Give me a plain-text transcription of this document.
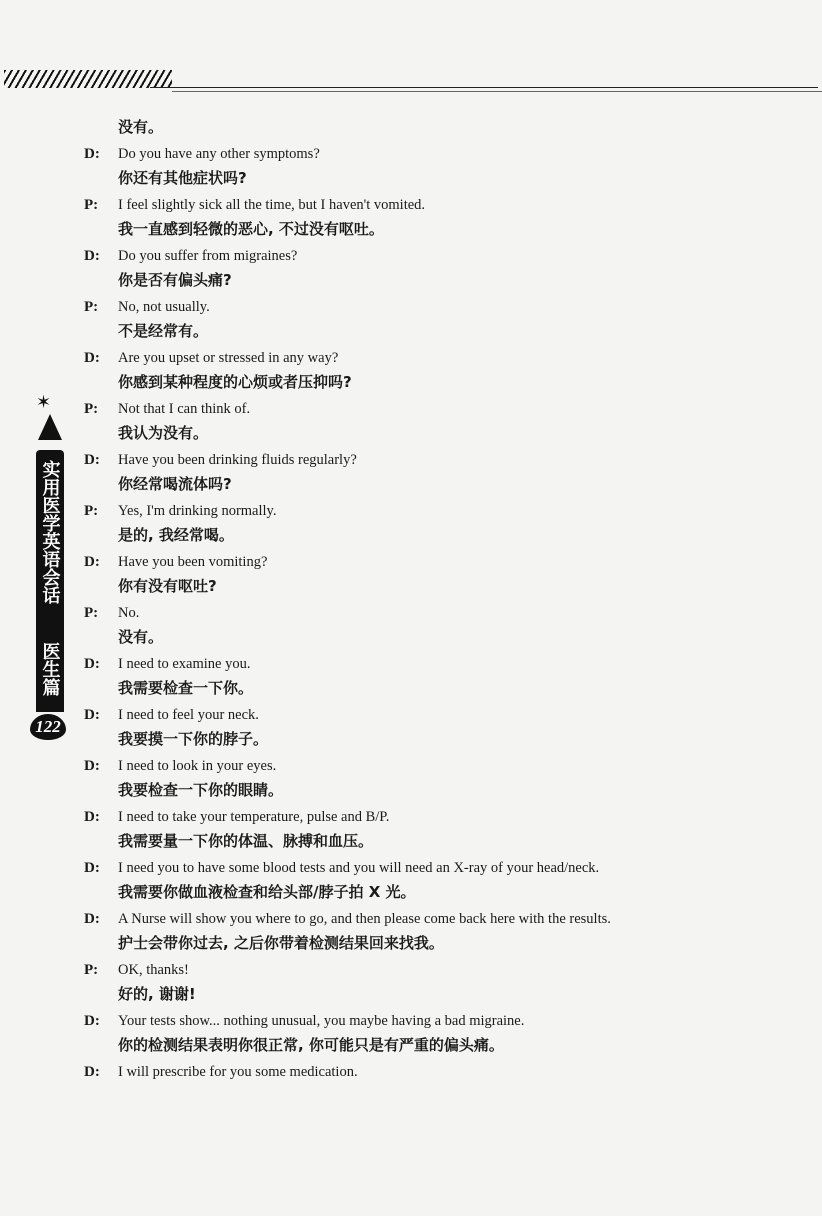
✶
实用医学英语会话
医生篇
122
没有。
D:	Do you have any other symptoms?
你还有其他症状吗?
P:	I feel slightly sick all the time, but I haven't vomited.
我一直感到轻微的恶心, 不过没有呕吐。
D:	Do you suffer from migraines?
你是否有偏头痛?
P:	No, not usually.
不是经常有。
D:	Are you upset or stressed in any way?
你感到某种程度的心烦或者压抑吗?
P:	Not that I can think of.
我认为没有。
D:	Have you been drinking fluids regularly?
你经常喝流体吗?
P:	Yes, I'm drinking normally.
是的, 我经常喝。
D:	Have you been vomiting?
你有没有呕吐?
P:	No.
没有。
D:	I need to examine you.
我需要检查一下你。
D:	I need to feel your neck.
我要摸一下你的脖子。
D:	I need to look in your eyes.
我要检查一下你的眼睛。
D:	I need to take your temperature, pulse and B/P.
我需要量一下你的体温、脉搏和血压。
D:	I need you to have some blood tests and you will need an X-ray of your head/neck.
我需要你做血液检查和给头部/脖子拍 X 光。
D:	A Nurse will show you where to go, and then please come back here with the results.
护士会带你过去, 之后你带着检测结果回来找我。
P:	OK, thanks!
好的, 谢谢!
D:	Your tests show... nothing unusual, you maybe having a bad migraine.
你的检测结果表明你很正常, 你可能只是有严重的偏头痛。
D:	I will prescribe for you some medication.
